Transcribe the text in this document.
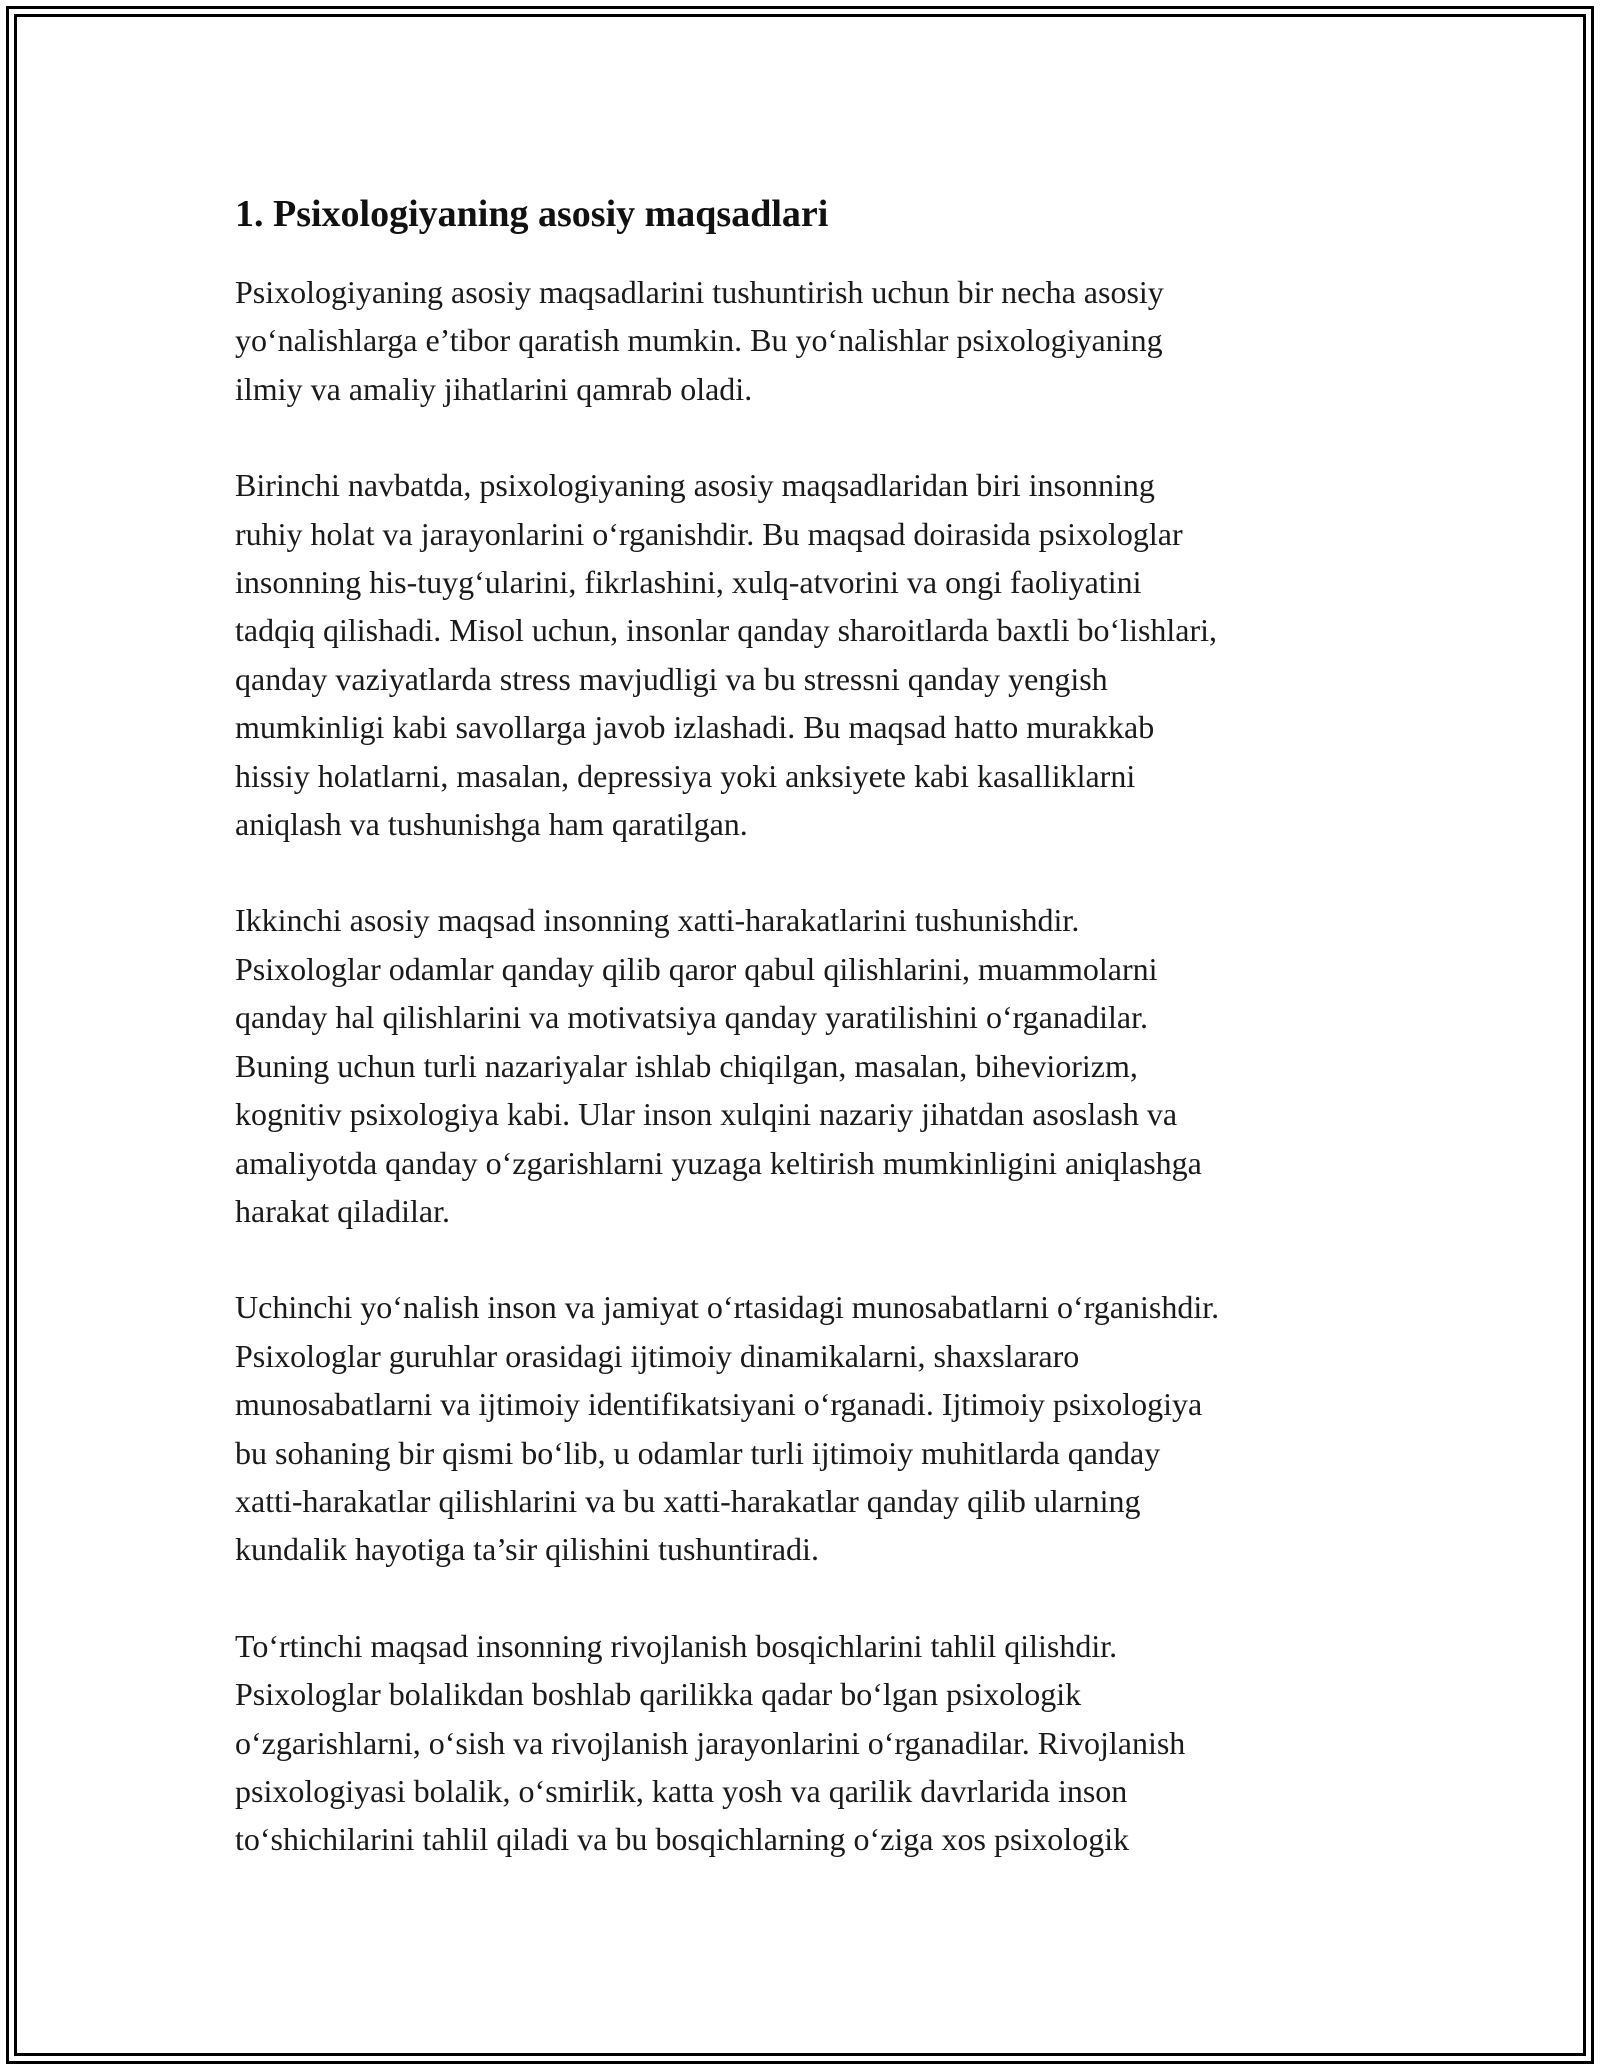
1. Psixologiyaning asosiy maqsadlari

Psixologiyaning asosiy maqsadlarini tushuntirish uchun bir necha asosiy
yo‘nalishlarga e’tibor qaratish mumkin. Bu yo‘nalishlar psixologiyaning
ilmiy va amaliy jihatlarini qamrab oladi.

Birinchi navbatda, psixologiyaning asosiy maqsadlaridan biri insonning
ruhiy holat va jarayonlarini o‘rganishdir. Bu maqsad doirasida psixologlar
insonning his-tuyg‘ularini, fikrlashini, xulq-atvorini va ongi faoliyatini
tadqiq qilishadi. Misol uchun, insonlar qanday sharoitlarda baxtli bo‘lishlari,
qanday vaziyatlarda stress mavjudligi va bu stressni qanday yengish
mumkinligi kabi savollarga javob izlashadi. Bu maqsad hatto murakkab
hissiy holatlarni, masalan, depressiya yoki anksiyete kabi kasalliklarni
aniqlash va tushunishga ham qaratilgan.

Ikkinchi asosiy maqsad insonning xatti-harakatlarini tushunishdir.
Psixologlar odamlar qanday qilib qaror qabul qilishlarini, muammolarni
qanday hal qilishlarini va motivatsiya qanday yaratilishini o‘rganadilar.
Buning uchun turli nazariyalar ishlab chiqilgan, masalan, biheviorizm,
kognitiv psixologiya kabi. Ular inson xulqini nazariy jihatdan asoslash va
amaliyotda qanday o‘zgarishlarni yuzaga keltirish mumkinligini aniqlashga
harakat qiladilar.

Uchinchi yo‘nalish inson va jamiyat o‘rtasidagi munosabatlarni o‘rganishdir.
Psixologlar guruhlar orasidagi ijtimoiy dinamikalarni, shaxslararo
munosabatlarni va ijtimoiy identifikatsiyani o‘rganadi. Ijtimoiy psixologiya
bu sohaning bir qismi bo‘lib, u odamlar turli ijtimoiy muhitlarda qanday
xatti-harakatlar qilishlarini va bu xatti-harakatlar qanday qilib ularning
kundalik hayotiga ta’sir qilishini tushuntiradi.

To‘rtinchi maqsad insonning rivojlanish bosqichlarini tahlil qilishdir.
Psixologlar bolalikdan boshlab qarilikka qadar bo‘lgan psixologik
o‘zgarishlarni, o‘sish va rivojlanish jarayonlarini o‘rganadilar. Rivojlanish
psixologiyasi bolalik, o‘smirlik, katta yosh va qarilik davrlarida inson
to‘shichilarini tahlil qiladi va bu bosqichlarning o‘ziga xos psixologik
